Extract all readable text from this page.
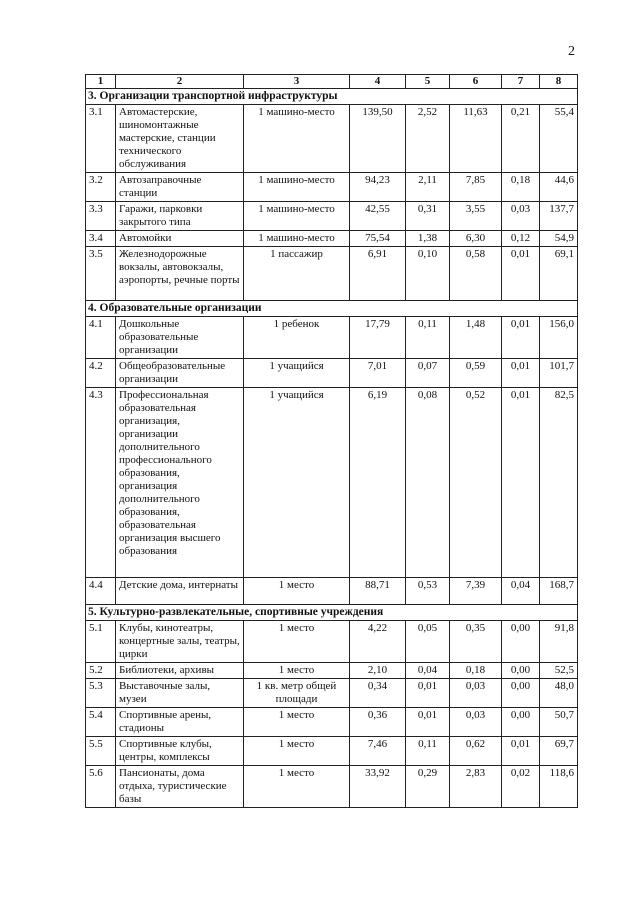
2
1	2	3	4	5	6	7	8
3. Организации транспортной инфраструктуры							
3.1	Автомастерские, шиномонтажные мастерские, станции технического обслуживания	1 машино-место	139,50	2,52	11,63	0,21	55,4
3.2	Автозаправочные станции	1 машино-место	94,23	2,11	7,85	0,18	44,6
3.3	Гаражи, парковки закрытого типа	1 машино-место	42,55	0,31	3,55	0,03	137,7
3.4	Автомойки	1 машино-место	75,54	1,38	6,30	0,12	54,9
3.5	Железнодорожные вокзалы, автовокзалы, аэропорты, речные порты	1 пассажир	6,91	0,10	0,58	0,01	69,1
4. Образовательные организации							
4.1	Дошкольные образовательные организации	1 ребенок	17,79	0,11	1,48	0,01	156,0
4.2	Общеобразовательные организации	1 учащийся	7,01	0,07	0,59	0,01	101,7
4.3	Профессиональная образовательная организация, организации дополнительного профессионального образования, организация дополнительного образования, образовательная организация высшего образования	1 учащийся	6,19	0,08	0,52	0,01	82,5
4.4	Детские дома, интернаты	1 место	88,71	0,53	7,39	0,04	168,7
5. Культурно-развлекательные, спортивные учреждения							
5.1	Клубы, кинотеатры, концертные залы, театры, цирки	1 место	4,22	0,05	0,35	0,00	91,8
5.2	Библиотеки, архивы	1 место	2,10	0,04	0,18	0,00	52,5
5.3	Выставочные залы, музеи	1 кв. метр общей площади	0,34	0,01	0,03	0,00	48,0
5.4	Спортивные арены, стадионы	1 место	0,36	0,01	0,03	0,00	50,7
5.5	Спортивные клубы, центры, комплексы	1 место	7,46	0,11	0,62	0,01	69,7
5.6	Пансионаты, дома отдыха, туристические базы	1 место	33,92	0,29	2,83	0,02	118,6
